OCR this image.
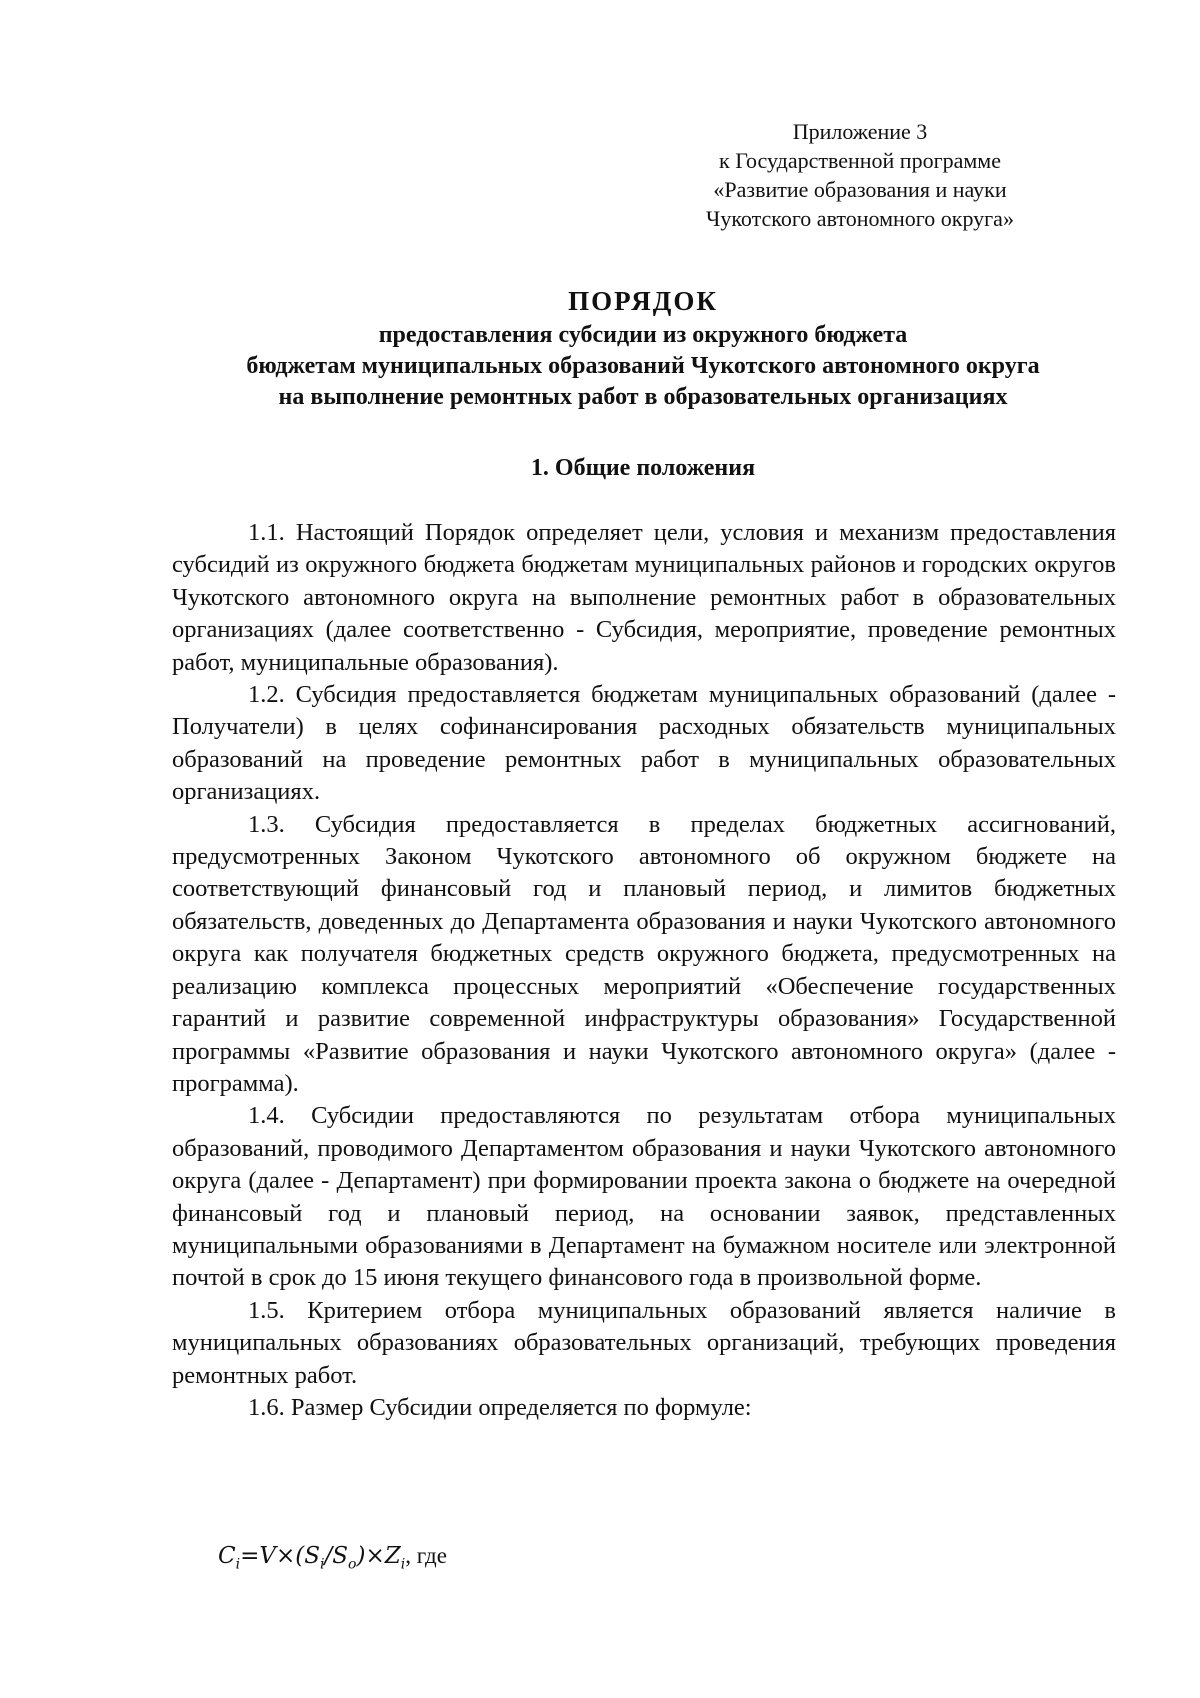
Приложение 3
к Государственной программе
«Развитие образования и науки
Чукотского автономного округа»
ПОРЯДОК
предоставления субсидии из окружного бюджета
бюджетам муниципальных образований Чукотского автономного округа
на выполнение ремонтных работ в образовательных организациях
1. Общие положения

1.1. Настоящий Порядок определяет цели, условия и механизм предоставления субсидий из окружного бюджета бюджетам муниципальных районов и городских округов Чукотского автономного округа на выполнение ремонтных работ в образовательных организациях (далее соответственно - Субсидия, мероприятие, проведение ремонтных работ, муниципальные образования).

1.2. Субсидия предоставляется бюджетам муниципальных образований (далее - Получатели) в целях софинансирования расходных обязательств муниципальных образований на проведение ремонтных работ в муниципальных образовательных организациях.

1.3. Субсидия предоставляется в пределах бюджетных ассигнований, предусмотренных Законом Чукотского автономного об окружном бюджете на соответствующий финансовый год и плановый период, и лимитов бюджетных обязательств, доведенных до Департамента образования и науки Чукотского автономного округа как получателя бюджетных средств окружного бюджета, предусмотренных на реализацию комплекса процессных мероприятий «Обеспечение государственных гарантий и развитие современной инфраструктуры образования» Государственной программы «Развитие образования и науки Чукотского автономного округа» (далее - программа).

1.4. Субсидии предоставляются по результатам отбора муниципальных образований, проводимого Департаментом образования и науки Чукотского автономного округа (далее - Департамент) при формировании проекта закона о бюджете на очередной финансовый год и плановый период, на основании заявок, представленных муниципальными образованиями в Департамент на бумажном носителе или электронной почтой в срок до 15 июня текущего финансового года в произвольной форме.

1.5. Критерием отбора муниципальных образований является наличие в муниципальных образованиях образовательных организаций, требующих проведения ремонтных работ.

1.6. Размер Субсидии определяется по формуле:

$C_i=V\times(S_i/S_o)\times Z_i$, где
